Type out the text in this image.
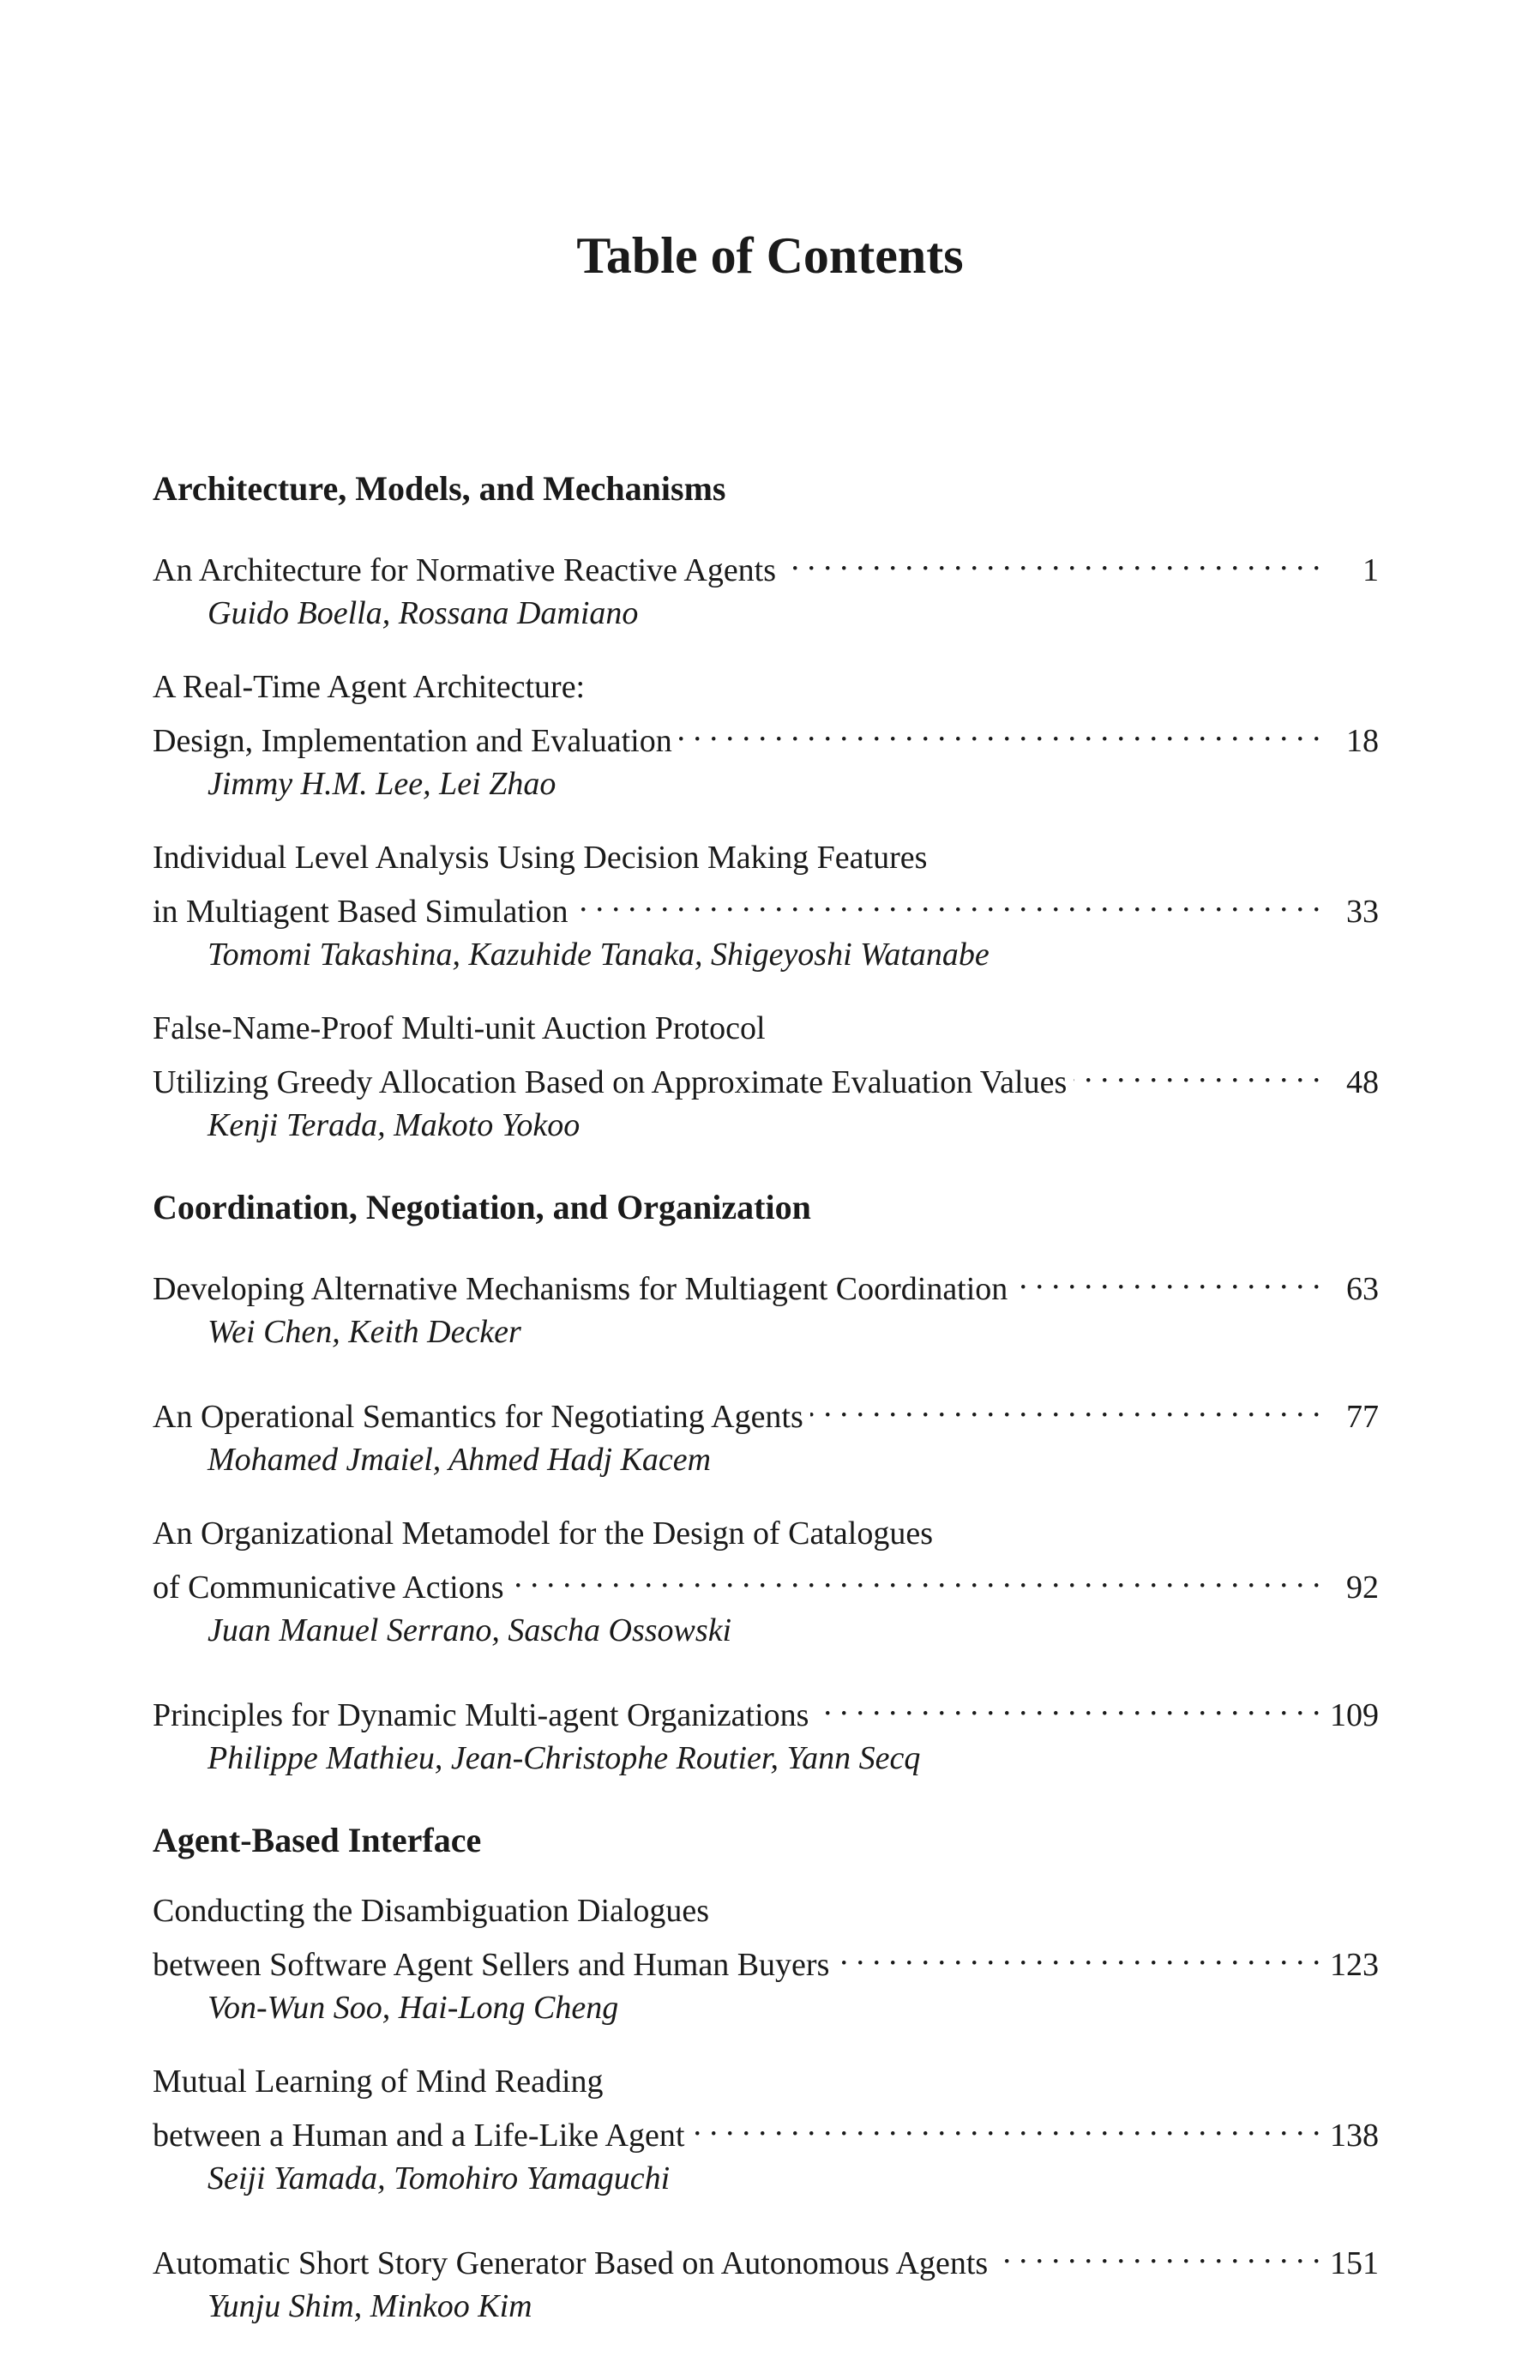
Table of Contents
Architecture, Models, and Mechanisms
An Architecture for Normative Reactive Agents . . .	1
Guido Boella, Rossana Damiano
A Real-Time Agent Architecture:
Design, Implementation and Evaluation . . .	18
Jimmy H.M. Lee, Lei Zhao
Individual Level Analysis Using Decision Making Features
in Multiagent Based Simulation . . .	33
Tomomi Takashina, Kazuhide Tanaka, Shigeyoshi Watanabe
False-Name-Proof Multi-unit Auction Protocol
Utilizing Greedy Allocation Based on Approximate Evaluation Values . . .	48
Kenji Terada, Makoto Yokoo
Coordination, Negotiation, and Organization
Developing Alternative Mechanisms for Multiagent Coordination . . .	63
Wei Chen, Keith Decker
An Operational Semantics for Negotiating Agents . . .	77
Mohamed Jmaiel, Ahmed Hadj Kacem
An Organizational Metamodel for the Design of Catalogues
of Communicative Actions . . .	92
Juan Manuel Serrano, Sascha Ossowski
Principles for Dynamic Multi-agent Organizations . . .	109
Philippe Mathieu, Jean-Christophe Routier, Yann Secq
Agent-Based Interface
Conducting the Disambiguation Dialogues
between Software Agent Sellers and Human Buyers . . .	123
Von-Wun Soo, Hai-Long Cheng
Mutual Learning of Mind Reading
between a Human and a Life-Like Agent . . .	138
Seiji Yamada, Tomohiro Yamaguchi
Automatic Short Story Generator Based on Autonomous Agents . . .	151
Yunju Shim, Minkoo Kim
